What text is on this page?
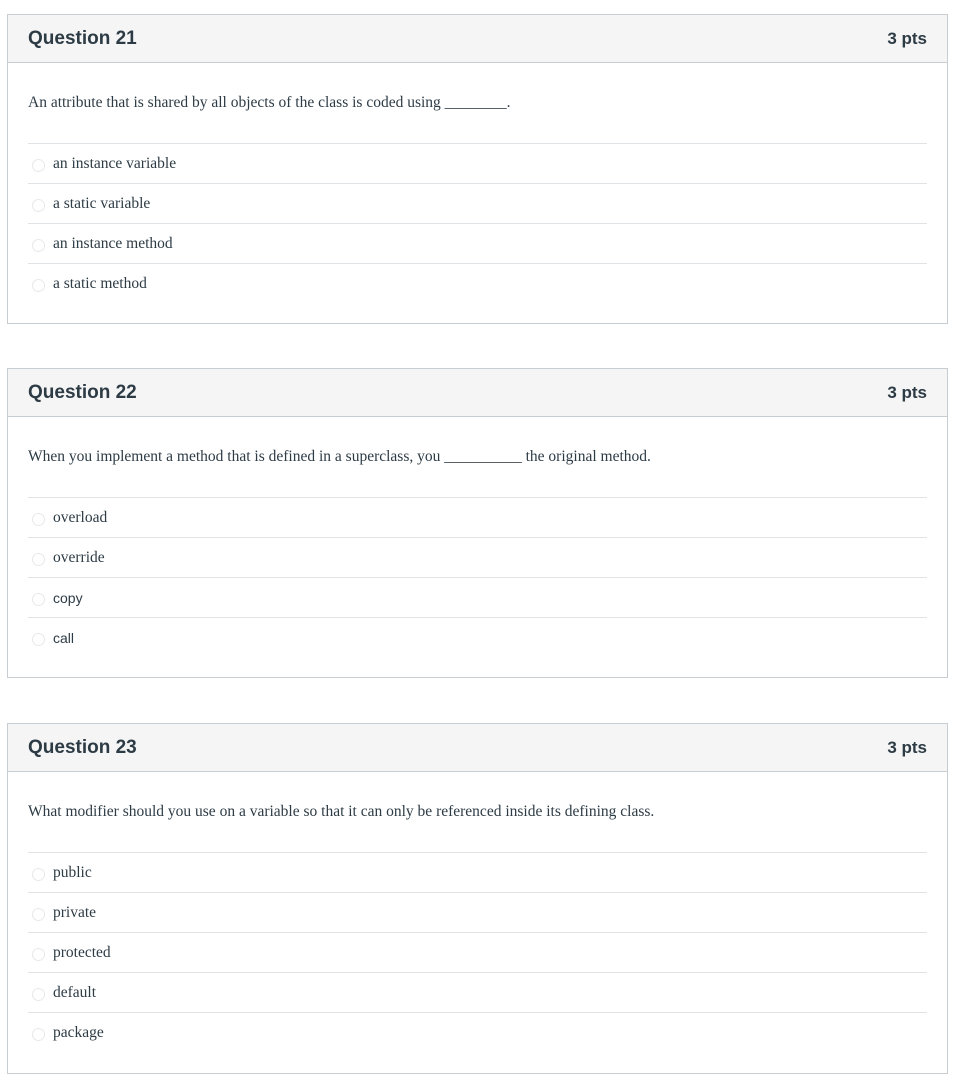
Question 21	3 pts
An attribute that is shared by all objects of the class is coded using ________.
an instance variable
a static variable
an instance method
a static method
Question 22	3 pts
When you implement a method that is defined in a superclass, you __________ the original method.
overload
override
copy
call
Question 23	3 pts
What modifier should you use on a variable so that it can only be referenced inside its defining class.
public
private
protected
default
package
